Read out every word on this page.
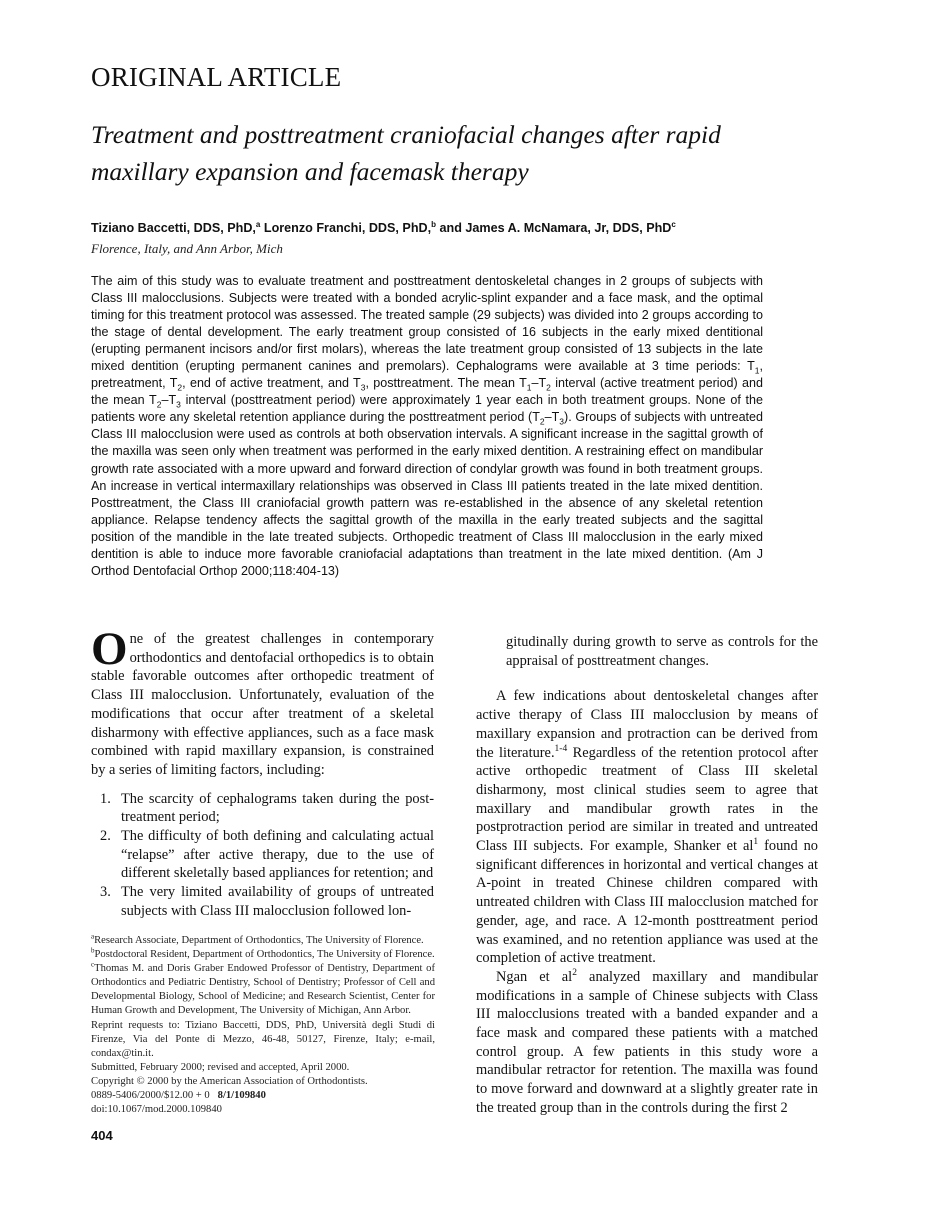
ORIGINAL ARTICLE
Treatment and posttreatment craniofacial changes after rapid maxillary expansion and facemask therapy
Tiziano Baccetti, DDS, PhD,$^a$ Lorenzo Franchi, DDS, PhD,$^b$ and James A. McNamara, Jr, DDS, PhD$^c$
Florence, Italy, and Ann Arbor, Mich

The aim of this study was to evaluate treatment and posttreatment dentoskeletal changes in 2 groups of subjects with Class III malocclusions. Subjects were treated with a bonded acrylic-splint expander and a face mask, and the optimal timing for this treatment protocol was assessed. The treated sample (29 subjects) was divided into 2 groups according to the stage of dental development. The early treatment group consisted of 16 subjects in the early mixed dentitional (erupting permanent incisors and/or first molars), whereas the late treatment group consisted of 13 subjects in the late mixed dentition (erupting permanent canines and premolars). Cephalograms were available at 3 time periods: $T_1$, pretreatment, $T_2$, end of active treatment, and $T_3$, posttreatment. The mean $T_1-T_2$ interval (active treatment period) and the mean $T_2-T_3$ interval (posttreatment period) were approximately 1 year each in both treatment groups. None of the patients wore any skeletal retention appliance during the posttreatment period $(T_2-T_3)$. Groups of subjects with untreated Class III malocclusion were used as controls at both observation intervals. A significant increase in the sagittal growth of the maxilla was seen only when treatment was performed in the early mixed dentition. A restraining effect on mandibular growth rate associated with a more upward and forward direction of condylar growth was found in both treatment groups. An increase in vertical intermaxillary relationships was observed in Class III patients treated in the late mixed dentition. Posttreatment, the Class III craniofacial growth pattern was re-established in the absence of any skeletal retention appliance. Relapse tendency affects the sagittal growth of the maxilla in the early treated subjects and the sagittal position of the mandible in the late treated subjects. Orthopedic treatment of Class III malocclusion in the early mixed dentition is able to induce more favorable craniofacial adaptations than treatment in the late mixed dentition. (Am J Orthod Dentofacial Orthop 2000;118:404-13)

One of the greatest challenges in contemporary orthodontics and dentofacial orthopedics is to obtain stable favorable outcomes after orthopedic treatment of Class III malocclusion. Unfortunately, evaluation of the modifications that occur after treatment of a skeletal disharmony with effective appliances, such as a face mask combined with rapid maxillary expansion, is constrained by a series of limiting factors, including:

1. The scarcity of cephalograms taken during the post-treatment period;
2. The difficulty of both defining and calculating actual “relapse” after active therapy, due to the use of different skeletally based appliances for retention; and
3. The very limited availability of groups of untreated subjects with Class III malocclusion followed lon-

gitudinally during growth to serve as controls for the appraisal of posttreatment changes.

A few indications about dentoskeletal changes after active therapy of Class III malocclusion by means of maxillary expansion and protraction can be derived from the literature.$^{1-4}$ Regardless of the retention protocol after active orthopedic treatment of Class III skeletal disharmony, most clinical studies seem to agree that maxillary and mandibular growth rates in the postprotraction period are similar in treated and untreated Class III subjects. For example, Shanker et $al^1$ found no significant differences in horizontal and vertical changes at A-point in treated Chinese children compared with untreated children with Class III malocclusion matched for gender, age, and race. A 12-month posttreatment period was examined, and no retention appliance was used at the completion of active treatment.

Ngan et $al^2$ analyzed maxillary and mandibular modifications in a sample of Chinese subjects with Class III malocclusions treated with a banded expander and a face mask and compared these patients with a matched control group. A few patients in this study wore a mandibular retractor for retention. The maxilla was found to move forward and downward at a slightly greater rate in the treated group than in the controls during the first 2

$^a$Research Associate, Department of Orthodontics, The University of Florence.

$^b$Postdoctoral Resident, Department of Orthodontics, The University of Florence.

$^c$Thomas M. and Doris Graber Endowed Professor of Dentistry, Department of Orthodontics and Pediatric Dentistry, School of Dentistry; Professor of Cell and Developmental Biology, School of Medicine; and Research Scientist, Center for Human Growth and Development, The University of Michigan, Ann Arbor.

Reprint requests to: Tiziano Baccetti, DDS, PhD, Università degli Studi di Firenze, Via del Ponte di Mezzo, 46-48, 50127, Firenze, Italy; e-mail, condax@tin.it.

Submitted, February 2000; revised and accepted, April 2000.

Copyright © 2000 by the American Association of Orthodontists.

0889-5406/2000/$12.00 + 0 8/1/109840

doi:10.1067/mod.2000.109840

404
